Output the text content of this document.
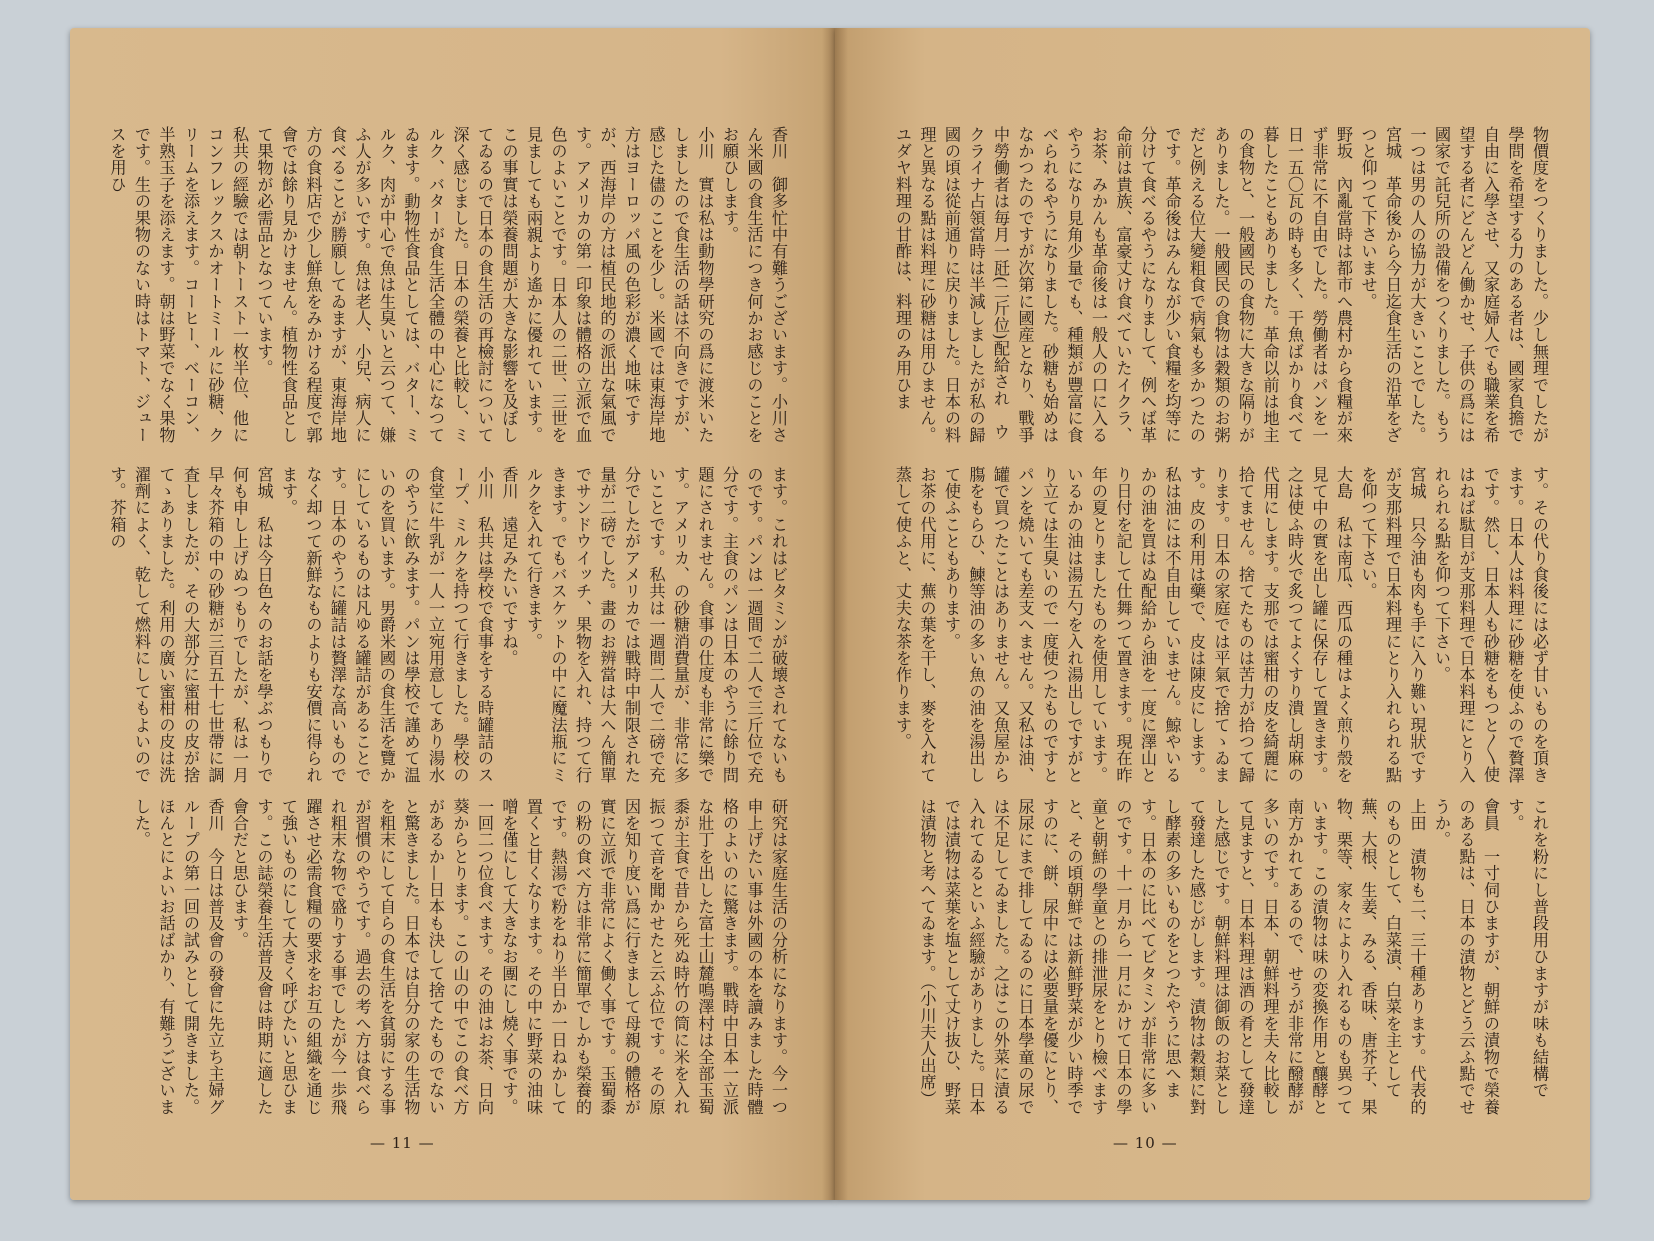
香川　御多忙中有難うございます。小川さん米國の食生活につき何かお感じのことをお願ひします。
小川　實は私は動物學研究の爲に渡米いたしましたので食生活の話は不向きですが、感じた儘のことを少し。米國では東海岸地方はヨーロッパ風の色彩が濃く地味ですが、西海岸の方は植民地的の派出な氣風です。アメリカの第一印象は體格の立派で血色のよいことです。日本人の二世、三世を見ましても兩親より遙かに優れています。この事實は榮養問題が大きな影響を及ぼしてゐるので日本の食生活の再檢討について深く感じました。日本の榮養と比較し、ミルク、バターが食生活全體の中心になつてゐます。動物性食品としては、バター、ミルク、肉が中心で魚は生臭いと云つて、嫌ふ人が多いです。魚は老人、小兒、病人に食べることが勝願してゐますが、東海岸地方の食料店で少し鮮魚をみかける程度で郭會では餘り見かけません。植物性食品として果物が必需品となつています。
私共の經驗では朝トースト一枚半位、他にコンフレックスかオートミールに砂糖、クリームを添えます。コーヒー、ベーコン、半熟玉子を添えます。朝は野菜でなく果物です。生の果物のない時はトマト、ジュースを用ひ
ます。これはビタミンが破壊されてないものです。パンは一週間で二人で三斤位で充分です。主食のパンは日本のやうに餘り問題にされません。食事の仕度も非常に樂です。アメリカ、の砂糖消費量が、非常に多いことです。私共は一週間二人で二磅で充分でしたがアメリカでは戰時中制限された量が二磅でした。畫のお辨當は大へん簡單でサンドウイッチ、果物を入れ、持つて行きます。でもバスケットの中に魔法瓶にミルクを入れて行きます。
香川　遠足みたいですね。
小川　私共は學校で食事をする時罐詰のスープ、ミルクを持つて行きました。學校の食堂に牛乳が一人一立宛用意してあり湯水のやうに飲みます。パンは學校で謹めて温いのを買います。男爵米國の食生活を覽かにしているものは凡ゆる罐詰があることです。日本のやうに罐詰は贅澤な高いものでなく却つて新鮮なものよりも安價に得られます。
宮城　私は今日色々のお話を學ぶつもりで何も申し上げぬつもりでしたが、私は一月早々芥箱の中の砂糖が三百五十七世帶に調査しましたが、その大部分に蜜柑の皮が捨てゝありました。利用の廣い蜜柑の皮は洗濯劑によく、乾して燃料にしてもよいのです。芥箱の
研究は家庭生活の分析になります。今一つ申上げたい事は外國の本を讀みました時體格のよいのに驚きます。戰時中日本一立派な壯丁を出した富士山麓鳴澤村は全部玉蜀黍が主食で昔から死ぬ時竹の筒に米を入れ振つて音を聞かせたと云ふ位です。その原因を知り度い爲に行きまして母親の體格が實に立派で非常によく働く事です。玉蜀黍の粉の食べ方は非常に簡單でしかも榮養的です。熱湯で粉をねり半日か一日ねかして置くと甘くなります。その中に野菜の油味噌を僅にして大きなお團にし燒く事です。一回二つ位食べます。その油はお茶、日向葵からとります。この山の中でこの食べ方があるか—日本も決して捨てたものでないと驚きました。日本では自分の家の生活物を粗末にして自らの食生活を貧弱にする事が習慣のやうです。過去の考へ方は食べられ粗末な物で盛りする事でしたが今一歩飛躍させ必需食糧の要求をお互の組織を通じて強いものにして大きく呼びたいと思ひます。この誌榮養生活普及會は時期に適した會合だと思ひます。
香川　今日は普及會の發會に先立ち主婦グループの第一回の試みとして開きました。ほんとによいお話ばかり、有難うございました。
— 11 —
物價度をつくりました。少し無理でしたが學問を希望する力のある者は、國家負擔で自由に入學させ、又家庭婦人でも職業を希望する者にどんどん働かせ、子供の爲には國家で託兒所の設備をつくりました。もう一つは男の人の協力が大きいことでした。
宮城　革命後から今日迄食生活の沿革をざつと仰つて下さいませ。
野坂　內亂當時は都市へ農村から食糧が來ず非常に不自由でした。勞働者はパンを一日一五〇瓦の時も多く、干魚ばかり食べて暮したこともありました。革命以前は地主の食物と、一般國民の食物に大きな隔りがありました。一般國民の食物は穀類のお粥だと例える位大變粗食で病氣も多かつたのです。革命後はみんなが少い食糧を均等に分けて食べるやうになりまして、例へば革命前は貴族、富豪丈け食べていたイクラ、お茶、みかんも革命後は一般人の口に入るやうになり見角少量でも、種類が豐富に食べられるやうになりました。砂糖も始めはなかつたのですが次第に國産となり、戰爭中勞働者は毎月一瓩(二斤位)配給され　ウクライナ占領當時は半減しましたが私の歸國の頃は從前通りに戻りました。日本の料理と異なる點は料理に砂糖は用ひません。ユダヤ料理の甘酢は、料理のみ用ひま
す。その代り食後には必ず甘いものを頂きます。日本人は料理に砂糖を使ふので贅澤です。然し、日本人も砂糖をもつと〳〵使はねば駄目が支那料理で日本料理にとり入れられる點を仰つて下さい。
宮城　只今油も肉も手に入り難い現狀ですが支那料理で日本料理にとり入れられる點を仰つて下さい。
大島　私は南瓜、西瓜の種はよく煎り殼を見て中の實を出し罐に保存して置きます。之は使ふ時火で炙つてよくすり潰し胡麻の代用にします。支那では蜜柑の皮を綺麗に拾てません。捨てたものは苦力が拾つて歸ります。日本の家庭では平氣で捨てゝゐます。皮の利用は藥で、皮は陳皮にします。私は油には不自由していません。鯨やいるかの油を買はぬ配給から油を一度に澤山とり日付を記して仕舞つて置きます。現在昨年の夏とりましたものを使用しています。いるかの油は湯五勺を入れ湯出しですがとり立ては生臭いので一度使つたものですとパンを燒いても差支へません。又私は油、罐で買つたことはありません。又魚屋から膓をもらひ、鰊等油の多い魚の油を湯出して使ふこともあります。
お茶の代用に、蕪の葉を干し、麥を入れて蒸して使ふと、丈夫な茶を作ります。
これを粉にし普段用ひますが味も結構です。
會員　一寸伺ひますが、朝鮮の漬物で榮養のある點は、日本の漬物とどう云ふ點でせうか。
上田　漬物も二、三十種あります。代表的のものとして、白菜漬、白菜を主として蕪、大根、生姜、みる、香味、唐芥子、果物、栗等、家々により入れるものも異つています。この漬物は味の変換作用と釀酵と南方かれてあるので、せうが非常に醱酵が多いのです。日本、朝鮮料理を夫々比較して見ますと、日本料理は酒の肴として發達した感じです。朝鮮料理は御飯のお菜として發達した感じがします。漬物は穀類に對し酵素の多いものをとつたやうに思へます。日本のに比べてビタミンが非常に多いのです。十一月から一月にかけて日本の學童と朝鮮の學童との排泄尿をとり檢べますと、その頃朝鮮では新鮮野菜が少い時季ですのに、餅、尿中には必要量を優にとり、尿尿にまで排してゐるのに日本學童の尿では不足してゐました。之はこの外菜に漬る入れてゐるといふ經驗がありました。日本では漬物は菜葉を塩として丈け抜ひ、野菜は漬物と考へてゐます。（小川夫人出席）
— 10 —
